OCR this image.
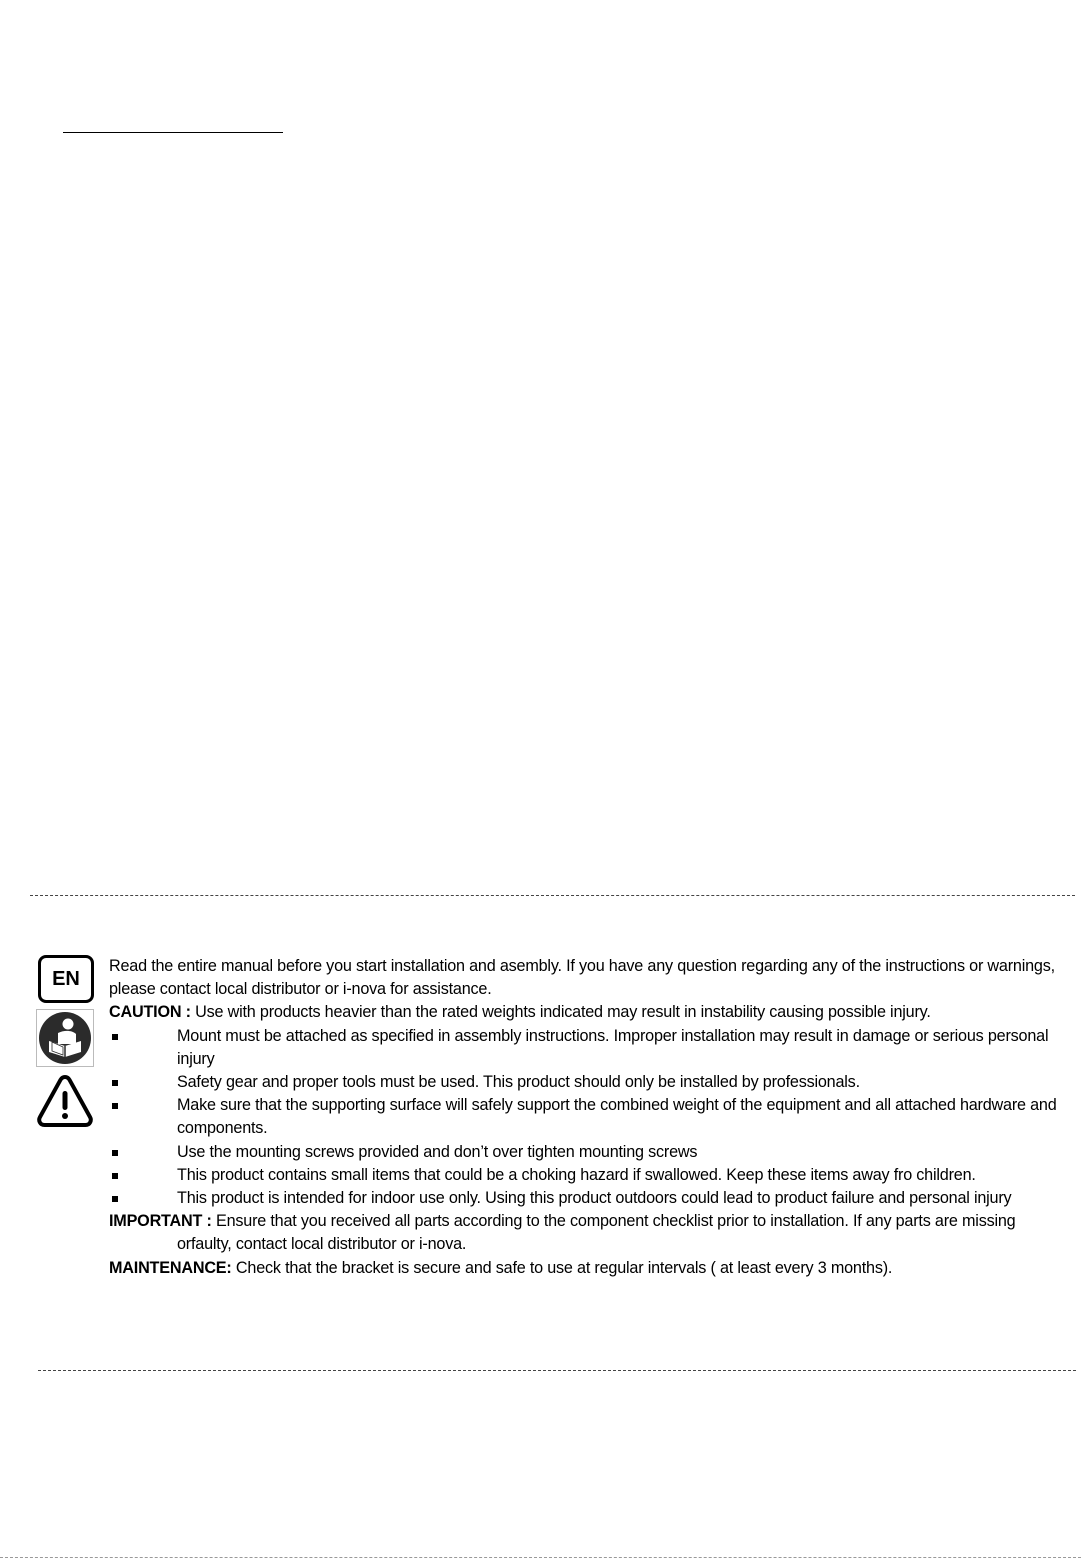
EN

Read the entire manual before you start installation and asembly. If you have any question regarding any of the instructions or warnings, please contact local distributor or i-nova for assistance.

CAUTION : Use with products heavier than the rated weights indicated may result in instability causing possible injury.

Mount must be attached as specified in assembly instructions. Improper installation may result in damage or serious personal injury
Safety gear and proper tools must be used. This product should only be installed by professionals.
Make sure that the supporting surface will safely support the combined weight of the equipment and all attached hardware and components.
Use the mounting screws provided and don’t over tighten mounting screws
This product contains small items that could be a choking hazard if swallowed. Keep these items away fro children.
This product is intended for indoor use only. Using this product outdoors could lead to product failure and personal injury

IMPORTANT : Ensure that you received all parts according to the component checklist prior to installation. If any parts are missing orfaulty, contact local distributor or i-nova.

MAINTENANCE: Check that the bracket is secure and safe to use at regular intervals ( at least every 3 months).
